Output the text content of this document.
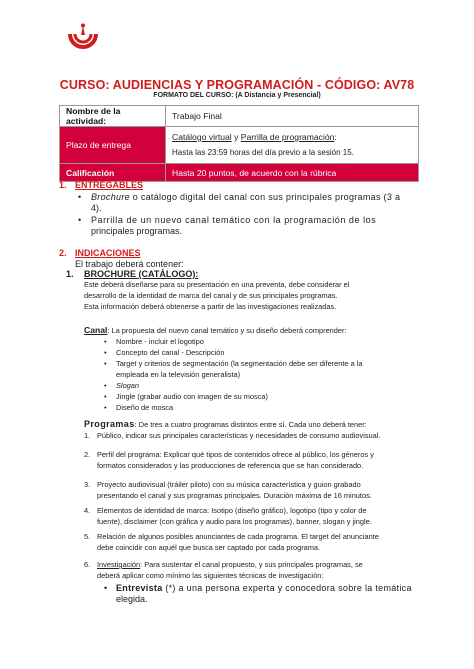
CURSO: AUDIENCIAS Y PROGRAMACIÓN - CÓDIGO: AV78
FORMATO DEL CURSO: (A Distancia y Presencial)
Nombre de la actividad:	Trabajo Final
Plazo de entrega	Catálogo virtual y Parrilla de programación:
Hasta las 23:59 horas del día previo a la sesión 15.
Calificación	Hasta 20 puntos, de acuerdo con la rúbrica
1. ENTREGABLES
• Brochure o catálogo digital del canal con sus principales programas (3 a
4).
• Parrilla de un nuevo canal temático con la programación de los
principales programas.
2. INDICACIONES
El trabajo deberá contener:
1. BROCHURE (CATÁLOGO):
Este deberá diseñarse para su presentación en una preventa, debe considerar el
desarrollo de la identidad de marca del canal y de sus principales programas.
Esta información deberá obtenerse a partir de las investigaciones realizadas.
Canal: La propuesta del nuevo canal temático y su diseño deberá comprender:
• Nombre - incluir el logotipo
• Concepto del canal - Descripción
• Target y criterios de segmentación (la segmentación debe ser diferente a la
empleada en la televisión generalista)
• Slogan
• Jingle (grabar audio con imagen de su mosca)
• Diseño de mosca
Programas: De tres a cuatro programas distintos entre sí. Cada uno deberá tener:
1. Público, indicar sus principales características y necesidades de consumo audiovisual.
2. Perfil del programa: Explicar qué tipos de contenidos ofrece al público, los géneros y
formatos considerados y las producciones de referencia que se han considerado.
3. Proyecto audiovisual (tráiler piloto) con su música característica y guion grabado
presentando el canal y sus programas principales. Duración máxima de 16 minutos.
4. Elementos de identidad de marca: Isotipo (diseño gráfico), logotipo (tipo y color de
fuente), disclaimer (con gráfica y audio para los programas), banner, slogan y jingle.
5. Relación de algunos posibles anunciantes de cada programa. El target del anunciante
debe coincidir con aquél que busca ser captado por cada programa.
6. Investigación: Para sustentar el canal propuesto, y sus principales programas, se
deberá aplicar como mínimo las siguientes técnicas de investigación:
• Entrevista (*) a una persona experta y conocedora sobre la temática
elegida.
